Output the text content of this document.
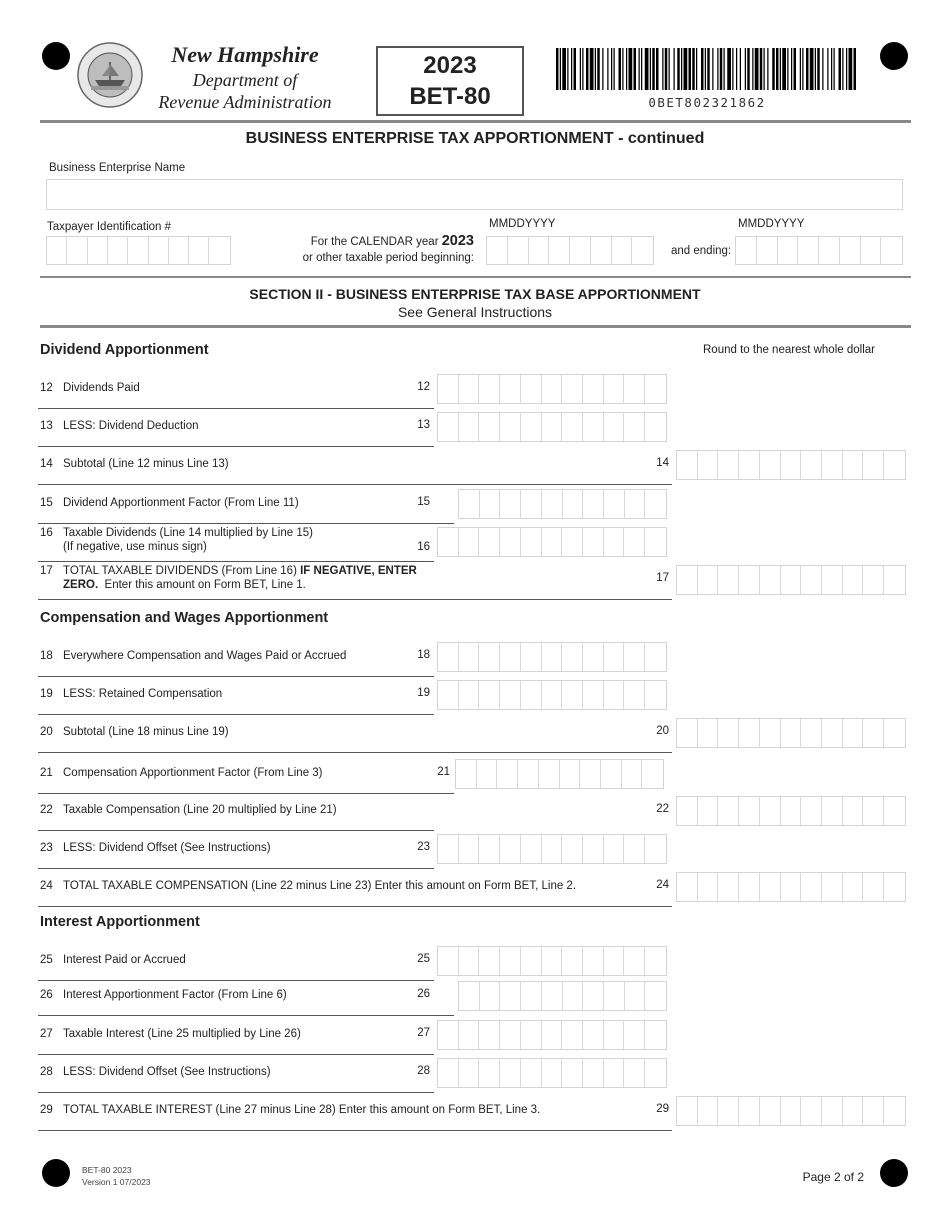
New Hampshire
Department of
Revenue Administration
2023
BET-80	0BET802321862
BUSINESS ENTERPRISE TAX APPORTIONMENT - continued
Business Enterprise Name
Taxpayer Identification #
For the CALENDAR year 2023
or other taxable period beginning:
MMDDYYYY
and ending:
MMDDYYYY
SECTION II - BUSINESS ENTERPRISE TAX BASE APPORTIONMENT
See General Instructions
Dividend Apportionment	Round to the nearest whole dollar
12 Dividends Paid	12
13 LESS: Dividend Deduction	13
14 Subtotal (Line 12 minus Line 13)	14
15 Dividend Apportionment Factor (From Line 11)	15
16 Taxable Dividends (Line 14 multiplied by Line 15)
(If negative, use minus sign)	16
17 TOTAL TAXABLE DIVIDENDS (From Line 16) IF NEGATIVE, ENTER
ZERO. Enter this amount on Form BET, Line 1.
17
Compensation and Wages Apportionment
18 Everywhere Compensation and Wages Paid or Accrued	18
19 LESS: Retained Compensation	19
20 Subtotal (Line 18 minus Line 19)	20
21 Compensation Apportionment Factor (From Line 3)	21
22 Taxable Compensation (Line 20 multiplied by Line 21)	22
23 LESS: Dividend Offset (See Instructions)	23
24 TOTAL TAXABLE COMPENSATION (Line 22 minus Line 23) Enter this amount on Form BET, Line 2.	24
Interest Apportionment
25 Interest Paid or Accrued	25
26 Interest Apportionment Factor (From Line 6)	26
27 Taxable Interest (Line 25 multiplied by Line 26)	27
28 LESS: Dividend Offset (See Instructions)	28
29 TOTAL TAXABLE INTEREST (Line 27 minus Line 28) Enter this amount on Form BET, Line 3.	29
BET-80 2023
Version 1 07/2023	Page 2 of 2
